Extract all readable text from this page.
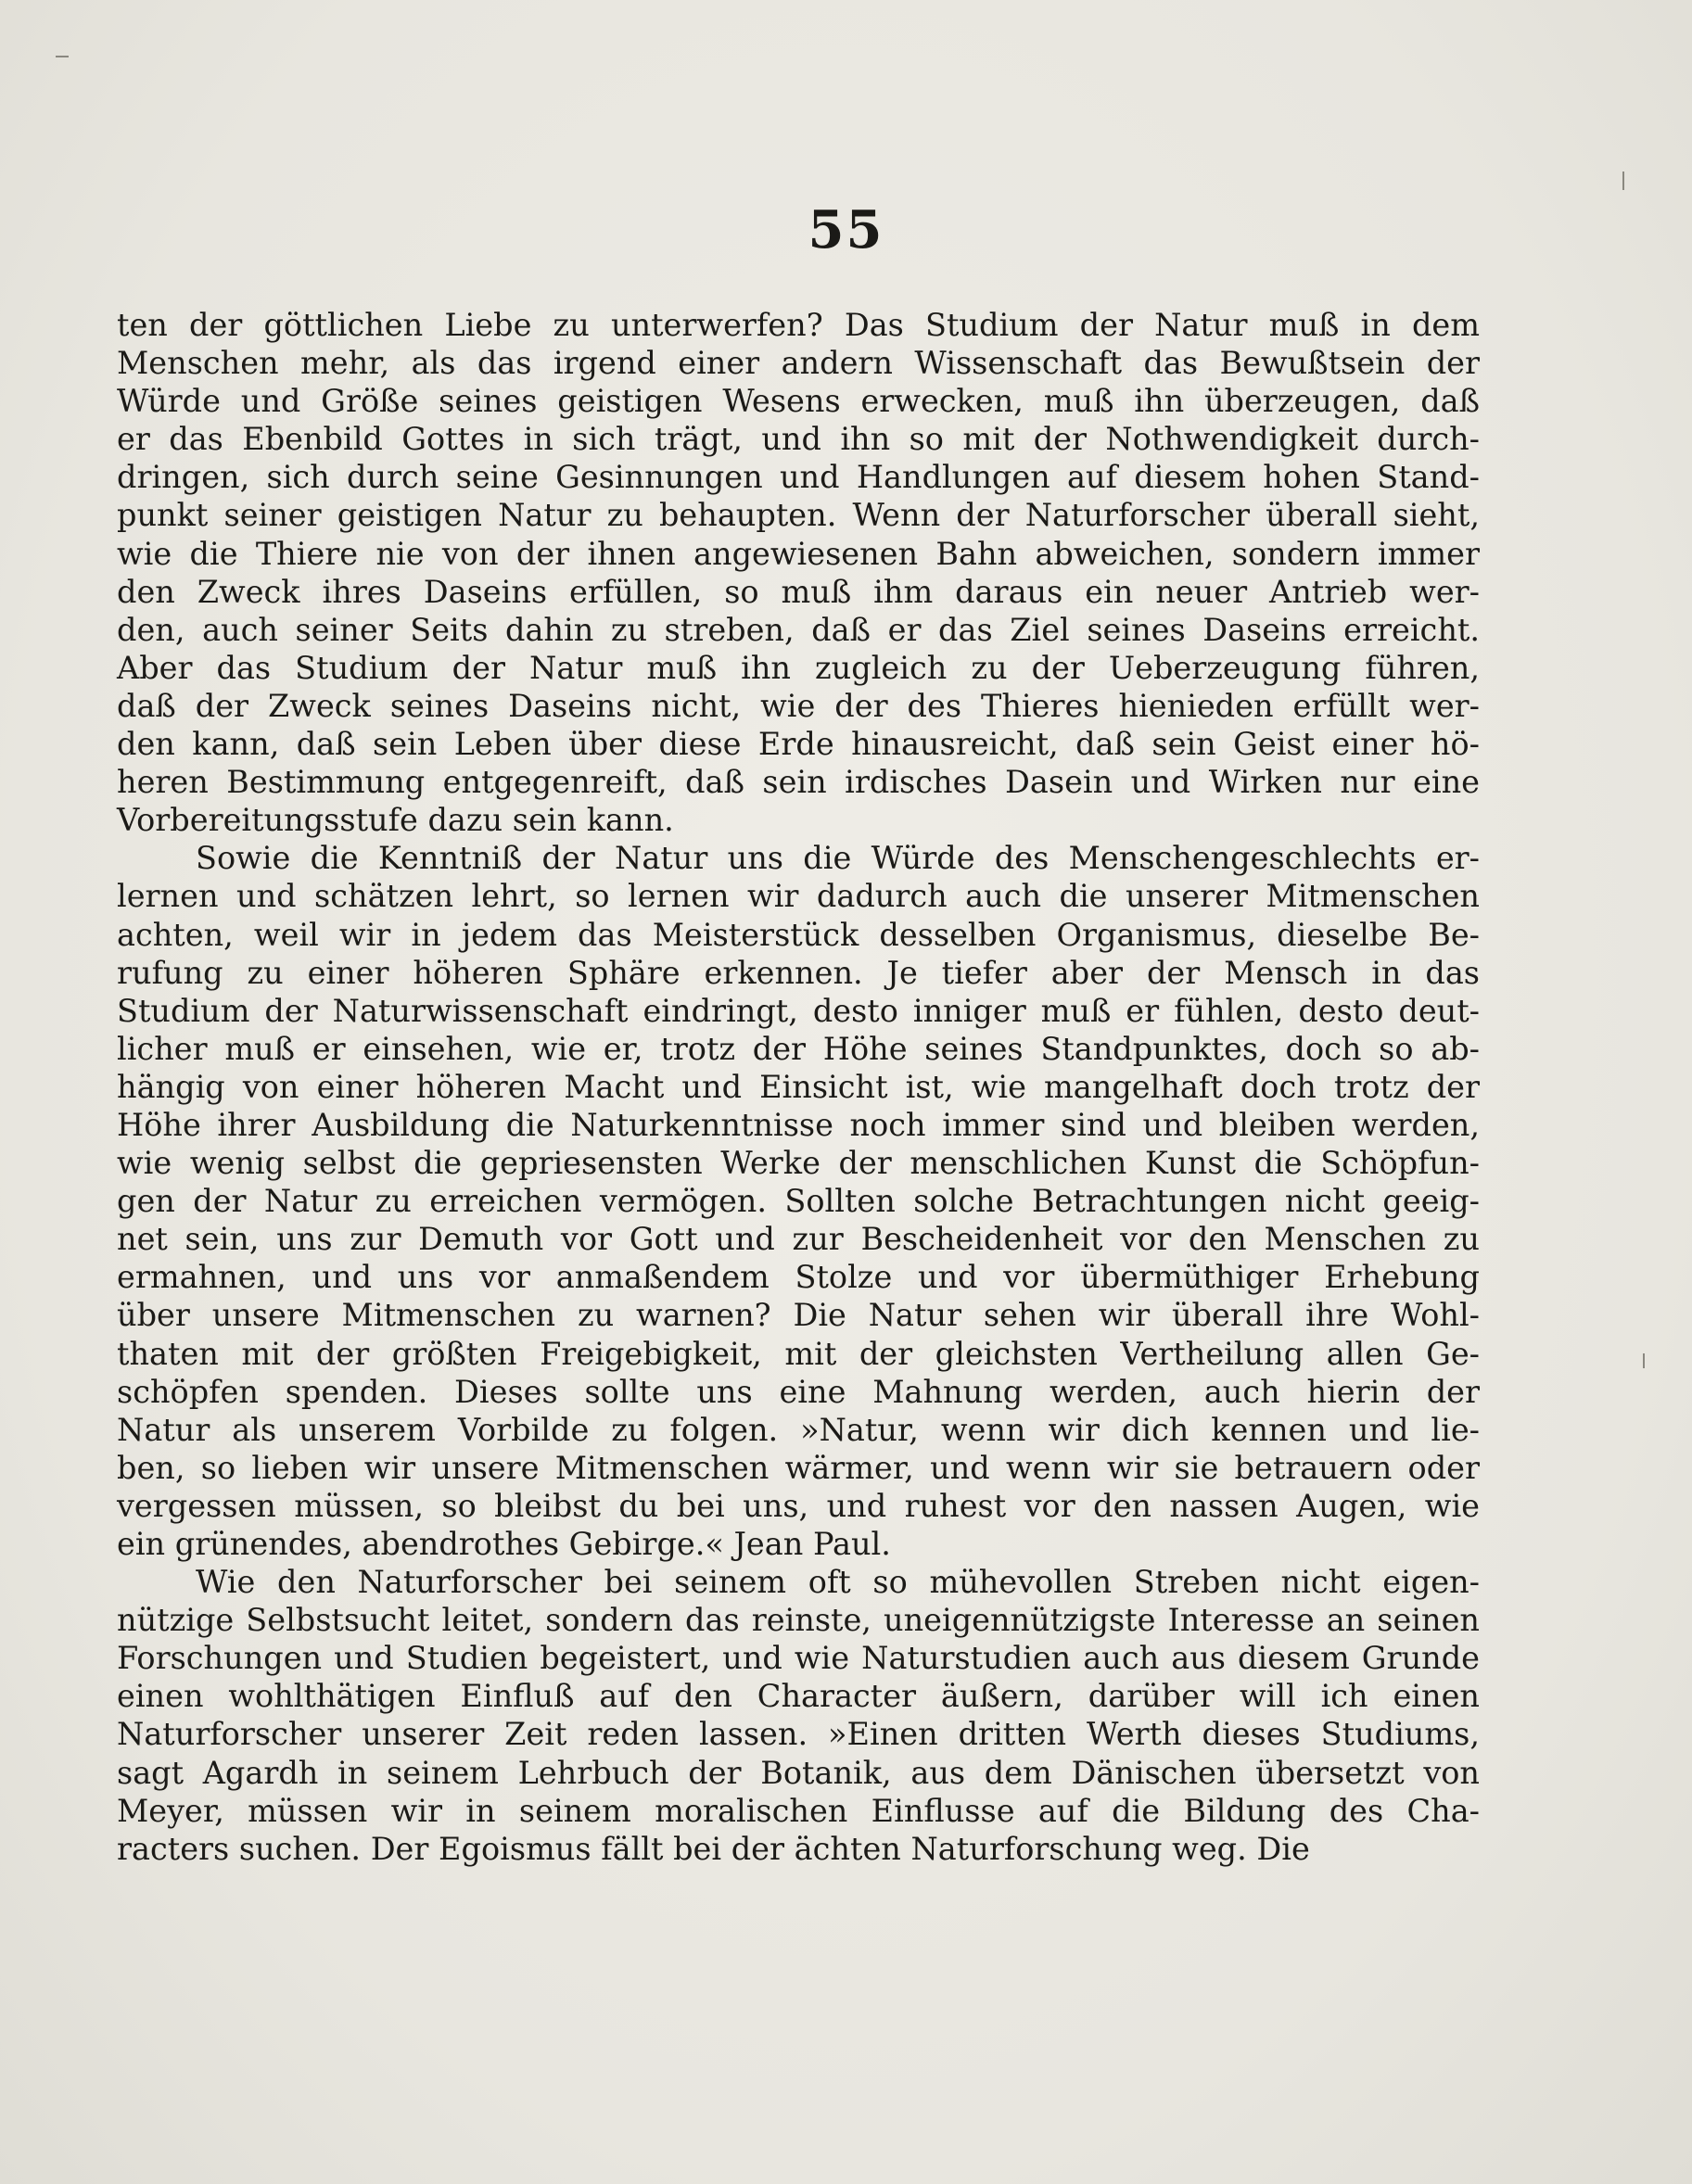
55
ten der göttlichen Liebe zu unterwerfen? Das Studium der Natur muß in dem
Menschen mehr, als das irgend einer andern Wissenschaft das Bewußtsein der
Würde und Größe seines geistigen Wesens erwecken, muß ihn überzeugen, daß
er das Ebenbild Gottes in sich trägt, und ihn so mit der Nothwendigkeit durch-
dringen, sich durch seine Gesinnungen und Handlungen auf diesem hohen Stand-
punkt seiner geistigen Natur zu behaupten. Wenn der Naturforscher überall sieht,
wie die Thiere nie von der ihnen angewiesenen Bahn abweichen, sondern immer
den Zweck ihres Daseins erfüllen, so muß ihm daraus ein neuer Antrieb wer-
den, auch seiner Seits dahin zu streben, daß er das Ziel seines Daseins erreicht.
Aber das Studium der Natur muß ihn zugleich zu der Ueberzeugung führen,
daß der Zweck seines Daseins nicht, wie der des Thieres hienieden erfüllt wer-
den kann, daß sein Leben über diese Erde hinausreicht, daß sein Geist einer hö-
heren Bestimmung entgegenreift, daß sein irdisches Dasein und Wirken nur eine
Vorbereitungsstufe dazu sein kann.
Sowie die Kenntniß der Natur uns die Würde des Menschengeschlechts er-
lernen und schätzen lehrt, so lernen wir dadurch auch die unserer Mitmenschen
achten, weil wir in jedem das Meisterstück desselben Organismus, dieselbe Be-
rufung zu einer höheren Sphäre erkennen. Je tiefer aber der Mensch in das
Studium der Naturwissenschaft eindringt, desto inniger muß er fühlen, desto deut-
licher muß er einsehen, wie er, trotz der Höhe seines Standpunktes, doch so ab-
hängig von einer höheren Macht und Einsicht ist, wie mangelhaft doch trotz der
Höhe ihrer Ausbildung die Naturkenntnisse noch immer sind und bleiben werden,
wie wenig selbst die gepriesensten Werke der menschlichen Kunst die Schöpfun-
gen der Natur zu erreichen vermögen. Sollten solche Betrachtungen nicht geeig-
net sein, uns zur Demuth vor Gott und zur Bescheidenheit vor den Menschen zu
ermahnen, und uns vor anmaßendem Stolze und vor übermüthiger Erhebung
über unsere Mitmenschen zu warnen? Die Natur sehen wir überall ihre Wohl-
thaten mit der größten Freigebigkeit, mit der gleichsten Vertheilung allen Ge-
schöpfen spenden. Dieses sollte uns eine Mahnung werden, auch hierin der
Natur als unserem Vorbilde zu folgen. »Natur, wenn wir dich kennen und lie-
ben, so lieben wir unsere Mitmenschen wärmer, und wenn wir sie betrauern oder
vergessen müssen, so bleibst du bei uns, und ruhest vor den nassen Augen, wie
ein grünendes, abendrothes Gebirge.« Jean Paul.
Wie den Naturforscher bei seinem oft so mühevollen Streben nicht eigen-
nützige Selbstsucht leitet, sondern das reinste, uneigennützigste Interesse an seinen
Forschungen und Studien begeistert, und wie Naturstudien auch aus diesem Grunde
einen wohlthätigen Einfluß auf den Character äußern, darüber will ich einen
Naturforscher unserer Zeit reden lassen. »Einen dritten Werth dieses Studiums,
sagt Agardh in seinem Lehrbuch der Botanik, aus dem Dänischen übersetzt von
Meyer, müssen wir in seinem moralischen Einflusse auf die Bildung des Cha-
racters suchen. Der Egoismus fällt bei der ächten Naturforschung weg. Die
